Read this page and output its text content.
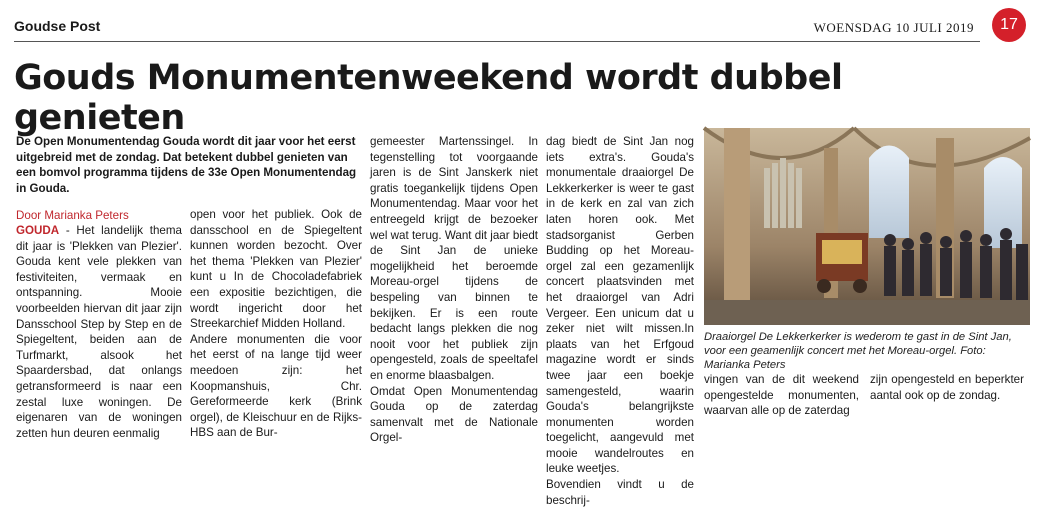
Goudse Post	WOENSDAG 10 JULI 2019	17
Gouds Monumentenweekend wordt dubbel genieten
De Open Monumentendag Gouda wordt dit jaar voor het eerst uitgebreid met de zondag. Dat betekent dubbel genieten van een bomvol programma tijdens de 33e Open Monumentendag in Gouda.
Door Marianka Peters

GOUDA - Het landelijk thema dit jaar is 'Plekken van Plezier'. Gouda kent vele plekken van festiviteiten, vermaak en ontspanning. Mooie voorbeelden hiervan dit jaar zijn Dansschool Step by Step en de Spiegeltent, beiden aan de Turfmarkt, alsook het Spaardersbad, dat onlangs getransformeerd is naar een zestal luxe woningen. De eigenaren van de woningen zetten hun deuren eenmalig

open voor het publiek. Ook de dansschool en de Spiegeltent kunnen worden bezocht. Over het thema 'Plekken van Plezier' kunt u In de Chocoladefabriek een expositie bezichtigen, die wordt ingericht door het Streekarchief Midden Holland.

Andere monumenten die voor het eerst of na lange tijd weer meedoen zijn: het Koopmanshuis, Chr. Gereformeerde kerk (Brink orgel), de Kleischuur en de Rijks-HBS aan de Bur-

gemeester Martenssingel. In tegenstelling tot voorgaande jaren is de Sint Janskerk niet gratis toegankelijk tijdens Open Monumentendag. Maar voor het entreegeld krijgt de bezoeker wel wat terug. Want dit jaar biedt de Sint Jan de unieke mogelijkheid het beroemde Moreau-orgel tijdens de bespeling van binnen te bekijken. Er is een route bedacht langs plekken die nog nooit voor het publiek zijn opengesteld, zoals de speeltafel en enorme blaasbalgen.

Omdat Open Monumentendag Gouda op de zaterdag samenvalt met de Nationale Orgel-

dag biedt de Sint Jan nog iets extra's. Gouda's monumentale draaiorgel De Lekkerkerker is weer te gast in de kerk en zal van zich laten horen ook. Met stadsorganist Gerben Budding op het Moreau-orgel zal een gezamenlijk concert plaatsvinden met het draaiorgel van Adri Vergeer. Een unicum dat u zeker niet wilt missen.In plaats van het Erfgoud magazine wordt er sinds twee jaar een boekje samengesteld, waarin Gouda's belangrijkste monumenten worden toegelicht, aangevuld met mooie wandelroutes en leuke weetjes.

Bovendien vindt u de beschrij-

Draaiorgel De Lekkerkerker is wederom te gast in de Sint Jan, voor een geamenlijk concert met het Moreau-orgel. Foto: Marianka Peters

vingen van de dit weekend opengestelde monumenten, waarvan alle op de zaterdag

zijn opengesteld en beperkter aantal ook op de zondag.
